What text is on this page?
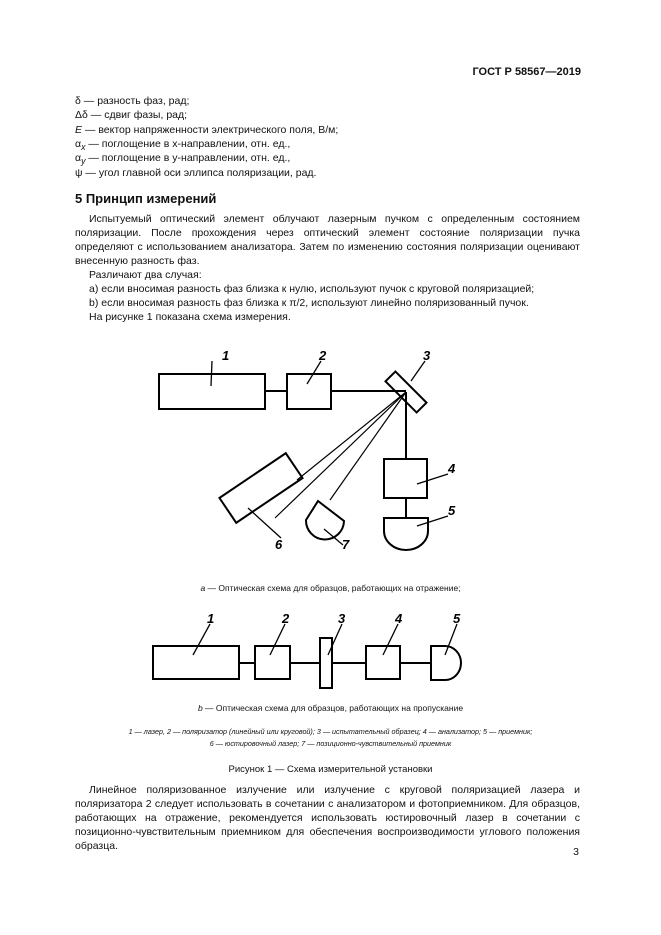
ГОСТ Р 58567—2019
δ — разность фаз, рад;
Δδ — сдвиг фазы, рад;
E — вектор напряженности электрического поля, В/м;
$\alpha_x$ — поглощение в x-направлении, отн. ед.,
$\alpha_y$ — поглощение в y-направлении, отн. ед.,
ψ — угол главной оси эллипса поляризации, рад.
5 Принцип измерений
Испытуемый оптический элемент облучают лазерным пучком с определенным состоянием поляризации. После прохождения через оптический элемент состояние поляризации пучка определяют с использованием анализатора. Затем по изменению состояния поляризации оценивают внесенную разность фаз.
Различают два случая:
а) если вносимая разность фаз близка к нулю, используют пучок с круговой поляризацией;
b) если вносимая разность фаз близка к π/2, используют линейно поляризованный пучок.
На рисунке 1 показана схема измерения.
1	2	3
4
5
6	7
a — Оптическая схема для образцов, работающих на отражение;
1	2	3	4	5
b — Оптическая схема для образцов, работающих на пропускание
1 — лазер, 2 — поляризатор (линейный или круговой); 3 — испытательный образец; 4 — анализатор; 5 — приемник;
6 — юстировочный лазер; 7 — позиционно-чувствительный приемник
Рисунок 1 — Схема измерительной установки
Линейное поляризованное излучение или излучение с круговой поляризацией лазера и поляризатора 2 следует использовать в сочетании с анализатором и фотоприемником. Для образцов, работающих на отражение, рекомендуется использовать юстировочный лазер в сочетании с позиционно-чувствительным приемником для обеспечения воспроизводимости углового положения образца.	3
